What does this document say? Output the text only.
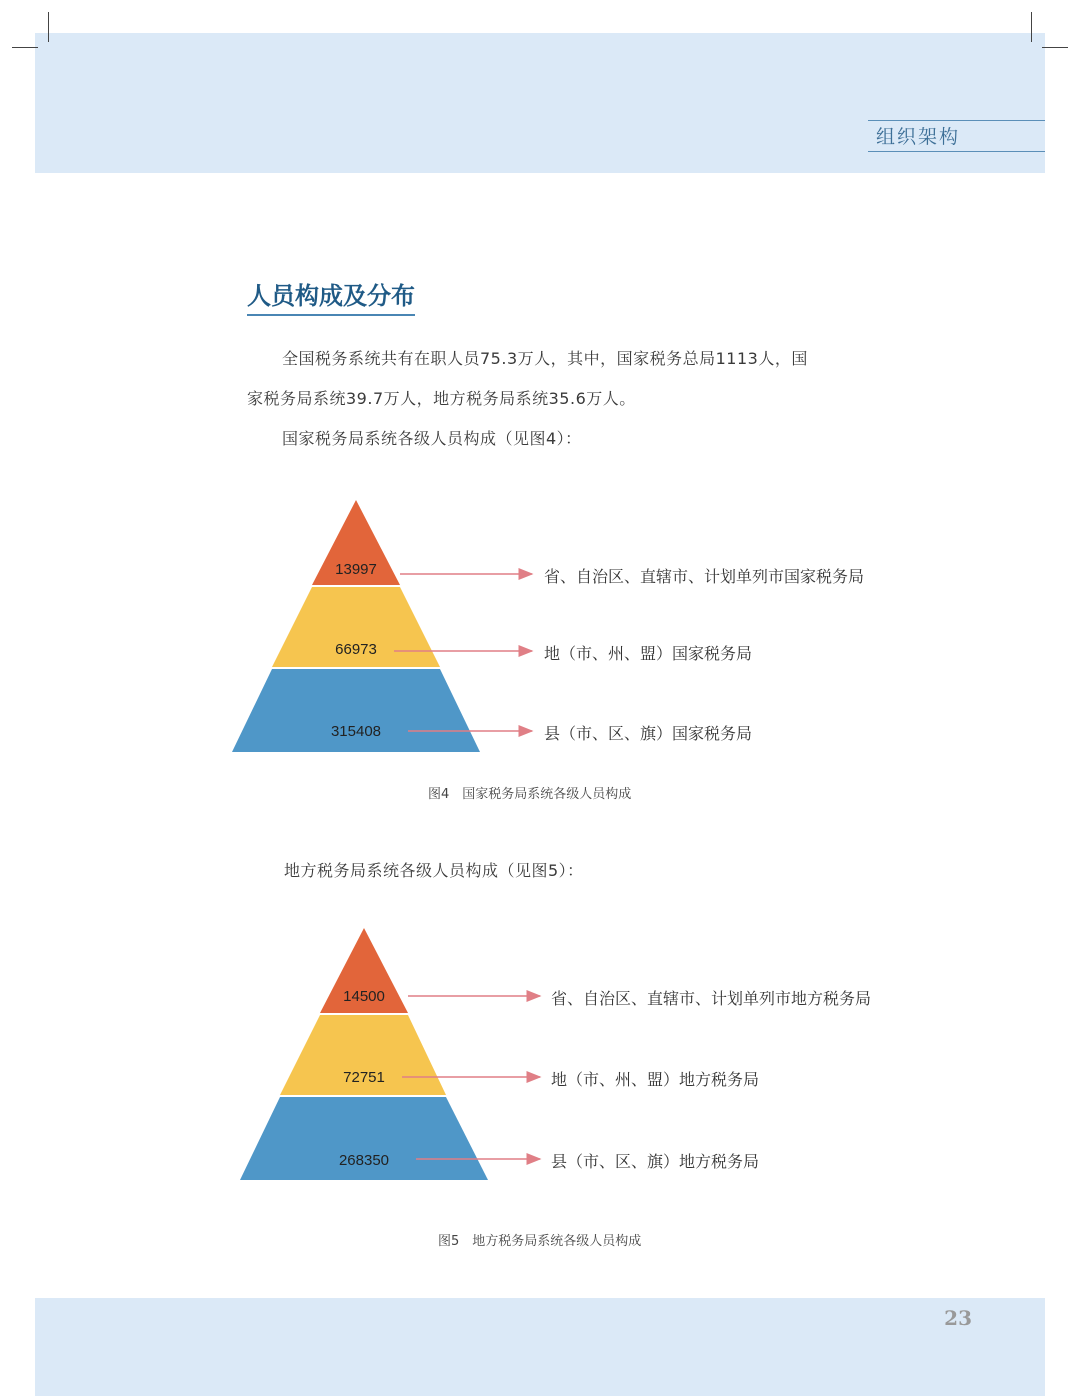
组织架构
人员构成及分布
全国税务系统共有在职人员75.3万人，其中，国家税务总局1113人，国
家税务局系统39.7万人，地方税务局系统35.6万人。
国家税务局系统各级人员构成（见图4）：
13997
66973
315408
省、自治区、直辖市、计划单列市国家税务局
地（市、州、盟）国家税务局
县（市、区、旗）国家税务局
图4　国家税务局系统各级人员构成
地方税务局系统各级人员构成（见图5）：
14500
72751
268350
省、自治区、直辖市、计划单列市地方税务局
地（市、州、盟）地方税务局
县（市、区、旗）地方税务局
图5　地方税务局系统各级人员构成
23
